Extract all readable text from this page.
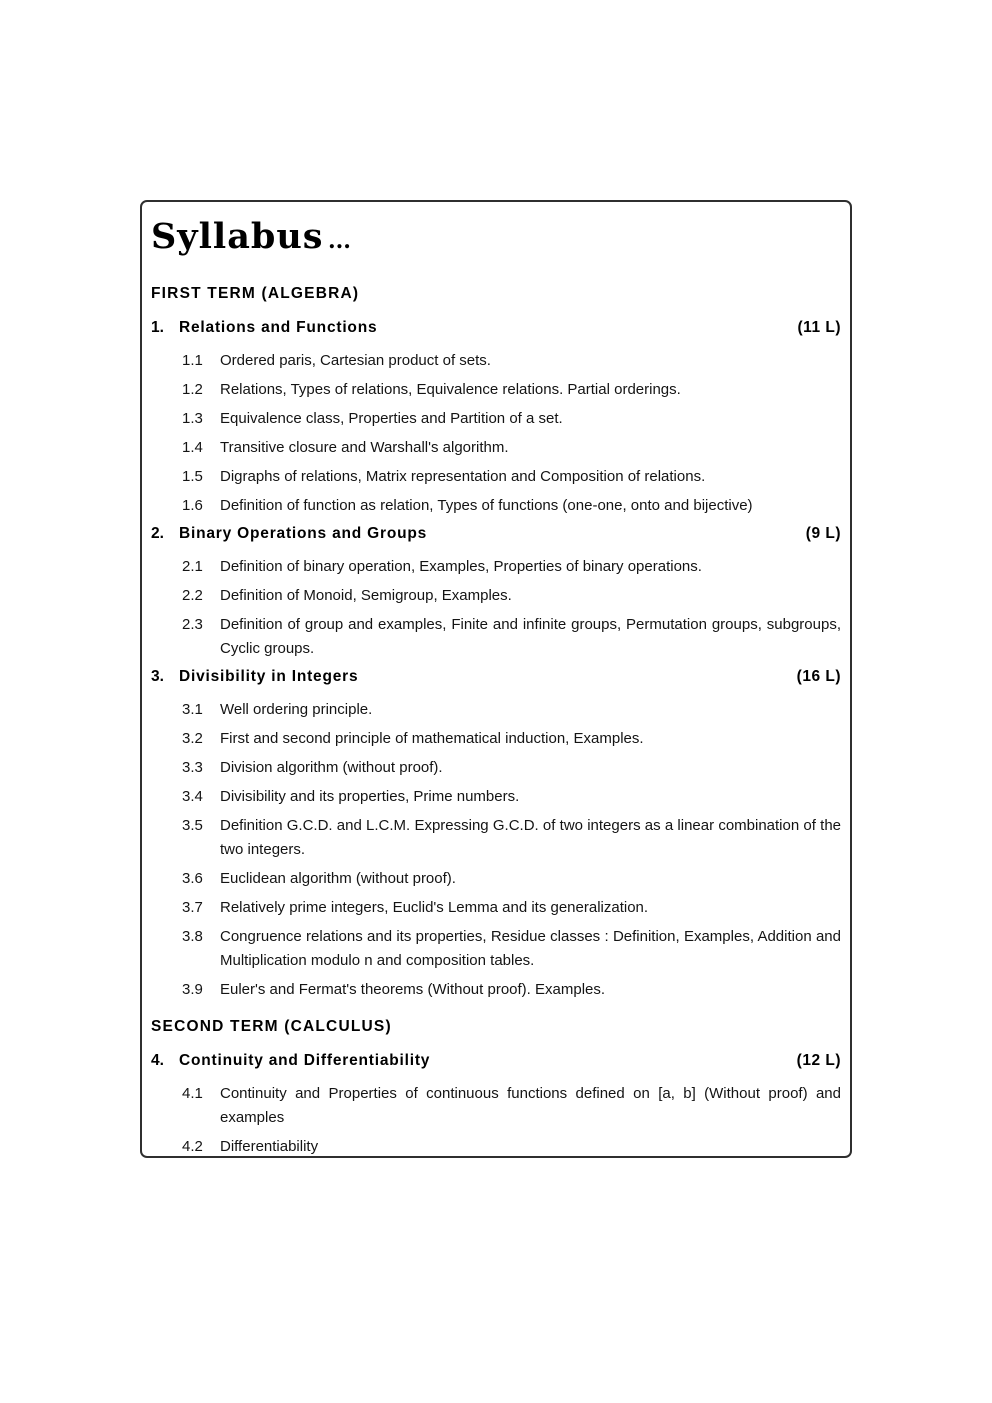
Syllabus ...
FIRST TERM (ALGEBRA)
1. Relations and Functions	(11 L)
1.1	Ordered paris, Cartesian product of sets.
1.2	Relations, Types of relations, Equivalence relations. Partial orderings.
1.3	Equivalence class, Properties and Partition of a set.
1.4	Transitive closure and Warshall's algorithm.
1.5	Digraphs of relations, Matrix representation and Composition of relations.
1.6	Definition of function as relation, Types of functions (one-one, onto and bijective)
2. Binary Operations and Groups	(9 L)
2.1	Definition of binary operation, Examples, Properties of binary operations.
2.2	Definition of Monoid, Semigroup, Examples.
2.3	Definition of group and examples, Finite and infinite groups, Permutation groups, subgroups, Cyclic groups.
3. Divisibility in Integers	(16 L)
3.1	Well ordering principle.
3.2	First and second principle of mathematical induction, Examples.
3.3	Division algorithm (without proof).
3.4	Divisibility and its properties, Prime numbers.
3.5	Definition G.C.D. and L.C.M. Expressing G.C.D. of two integers as a linear combination of the two integers.
3.6	Euclidean algorithm (without proof).
3.7	Relatively prime integers, Euclid's Lemma and its generalization.
3.8	Congruence relations and its properties, Residue classes : Definition, Examples, Addition and Multiplication modulo n and composition tables.
3.9	Euler's and Fermat's theorems (Without proof). Examples.
SECOND TERM (CALCULUS)
4. Continuity and Differentiability	(12 L)
4.1	Continuity and Properties of continuous functions defined on [a, b] (Without proof) and examples
4.2	Differentiability
